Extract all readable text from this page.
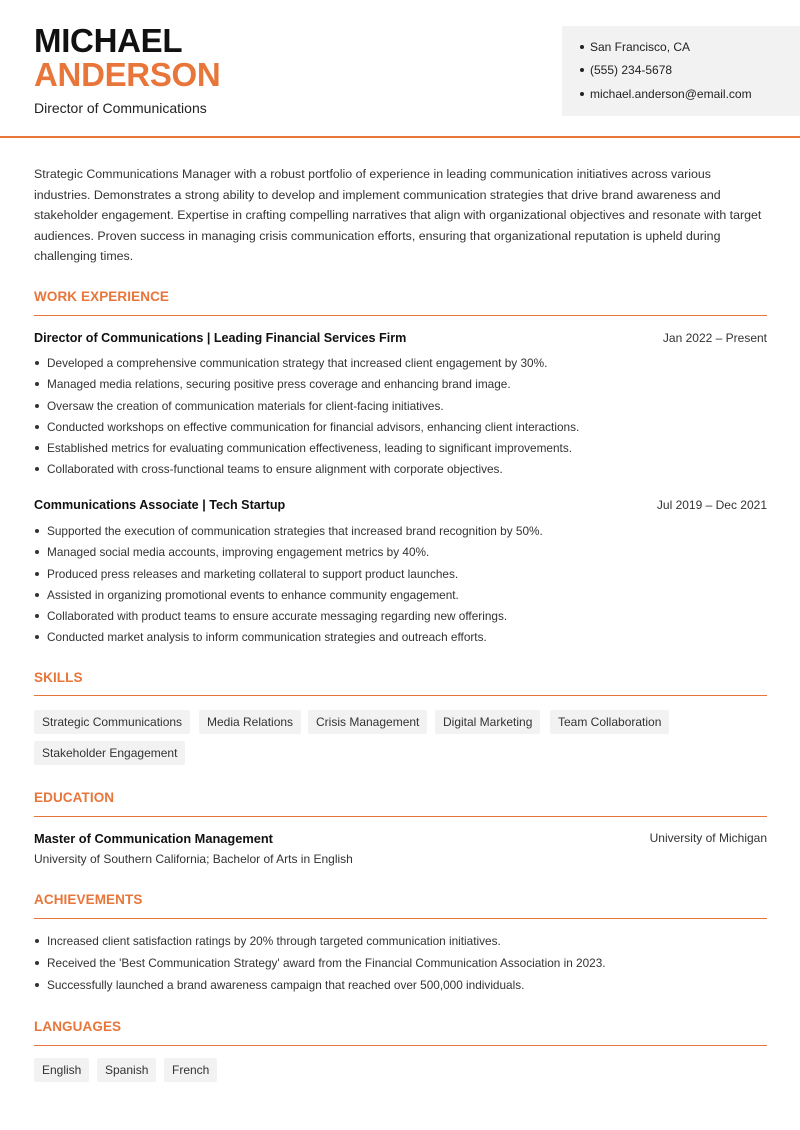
MICHAEL
ANDERSON
Director of Communications
San Francisco, CA
(555) 234-5678
michael.anderson@email.com
Strategic Communications Manager with a robust portfolio of experience in leading communication initiatives across various industries. Demonstrates a strong ability to develop and implement communication strategies that drive brand awareness and stakeholder engagement. Expertise in crafting compelling narratives that align with organizational objectives and resonate with target audiences. Proven success in managing crisis communication efforts, ensuring that organizational reputation is upheld during challenging times.
WORK EXPERIENCE
Director of Communications | Leading Financial Services Firm	Jan 2022 – Present
Developed a comprehensive communication strategy that increased client engagement by 30%.
Managed media relations, securing positive press coverage and enhancing brand image.
Oversaw the creation of communication materials for client-facing initiatives.
Conducted workshops on effective communication for financial advisors, enhancing client interactions.
Established metrics for evaluating communication effectiveness, leading to significant improvements.
Collaborated with cross-functional teams to ensure alignment with corporate objectives.
Communications Associate | Tech Startup	Jul 2019 – Dec 2021
Supported the execution of communication strategies that increased brand recognition by 50%.
Managed social media accounts, improving engagement metrics by 40%.
Produced press releases and marketing collateral to support product launches.
Assisted in organizing promotional events to enhance community engagement.
Collaborated with product teams to ensure accurate messaging regarding new offerings.
Conducted market analysis to inform communication strategies and outreach efforts.
SKILLS
Strategic Communications	Media Relations	Crisis Management	Digital Marketing	Team Collaboration
Stakeholder Engagement
EDUCATION
Master of Communication Management	University of Michigan
University of Southern California; Bachelor of Arts in English
ACHIEVEMENTS
Increased client satisfaction ratings by 20% through targeted communication initiatives.
Received the 'Best Communication Strategy' award from the Financial Communication Association in 2023.
Successfully launched a brand awareness campaign that reached over 500,000 individuals.
LANGUAGES
English	Spanish	French
